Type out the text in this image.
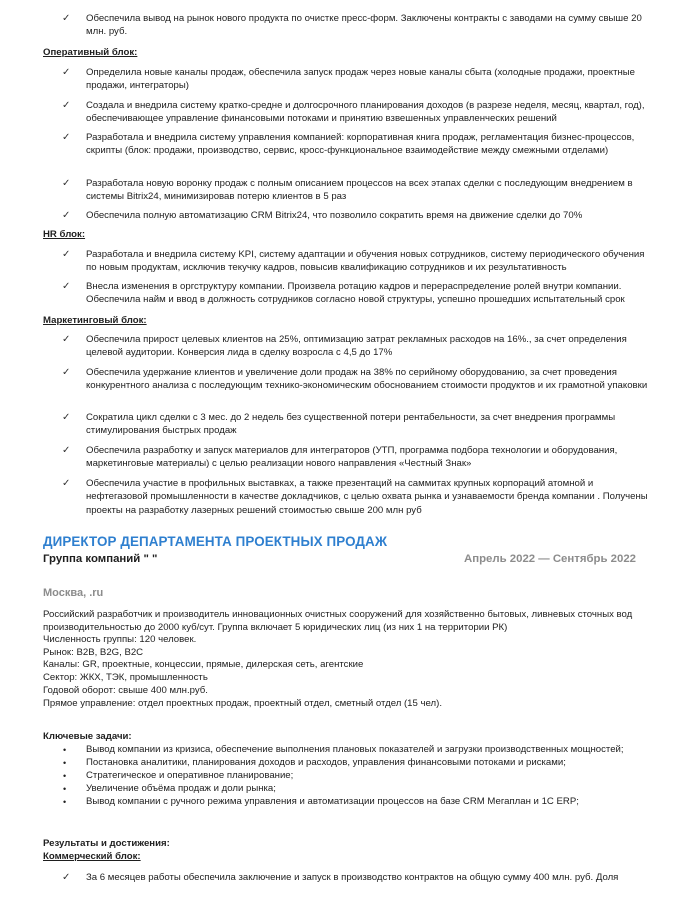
✓ Обеспечила вывод на рынок нового продукта по очистке пресс-форм. Заключены контракты с заводами на сумму свыше 20 млн. руб.

Оперативный блок:

✓ Определила новые каналы продаж, обеспечила запуск продаж через новые каналы сбыта (холодные продажи, проектные продажи, интеграторы)

✓ Создала и внедрила систему кратко-средне и долгосрочного планирования доходов (в разрезе неделя, месяц, квартал, год), обеспечивающее управление финансовыми потоками и принятию взвешенных управленческих решений

✓ Разработала и внедрила систему управления компанией: корпоративная книга продаж, регламентация бизнес-процессов, скрипты (блок: продажи, производство, сервис, кросс-функциональное взаимодействие между смежными отделами)

✓ Разработала новую воронку продаж с полным описанием процессов на всех этапах сделки с последующим внедрением в системы Bitrix24, минимизировав потерю клиентов в 5 раз

✓ Обеспечила полную автоматизацию CRM Bitrix24, что позволило сократить время на движение сделки до 70%

HR блок:

✓ Разработала и внедрила систему KPI, систему адаптации и обучения новых сотрудников, систему периодического обучения по новым продуктам, исключив текучку кадров, повысив квалификацию сотрудников и их результативность

✓ Внесла изменения в оргструктуру компании. Произвела ротацию кадров и перераспределение ролей внутри компании. Обеспечила найм и ввод в должность сотрудников согласно новой структуры, успешно прошедших испытательный срок

Маркетинговый блок:

✓ Обеспечила прирост целевых клиентов на 25%, оптимизацию затрат рекламных расходов на 16%., за счет определения целевой аудитории. Конверсия лида в сделку возросла с 4,5 до 17%

✓ Обеспечила удержание клиентов и увеличение доли продаж на 38% по серийному оборудованию, за счет проведения конкурентного анализа с последующим технико-экономическим обоснованием стоимости продуктов и их грамотной упаковки

✓ Сократила цикл сделки с 3 мес. до 2 недель без существенной потери рентабельности, за счет внедрения программы стимулирования быстрых продаж

✓ Обеспечила разработку и запуск материалов для интеграторов (УТП, программа подбора технологии и оборудования, маркетинговые материалы) с целью реализации нового направления «Честный Знак»

✓ Обеспечила участие в профильных выставках, а также презентаций на саммитах крупных корпораций атомной и нефтегазовой промышленности в качестве докладчиков, с целью охвата рынка и узнаваемости бренда компании . Получены проекты на разработку лазерных решений стоимостью свыше 200 млн руб

ДИРЕКТОР ДЕПАРТАМЕНТА ПРОЕКТНЫХ ПРОДАЖ

Группа компаний " "	Апрель 2022 — Сентябрь 2022

Москва, .ru

Российский разработчик и производитель инновационных очистных сооружений для хозяйственно бытовых, ливневых сточных вод производительностью до 2000 куб/сут. Группа включает 5 юридических лиц (из них 1 на территории РК)

Численность группы: 120 человек.

Рынок: B2B, B2G, B2C

Каналы: GR, проектные, концессии, прямые, дилерская сеть, агентские

Сектор: ЖКХ, ТЭК, промышленность

Годовой оборот: свыше 400 млн.руб.

Прямое управление: отдел проектных продаж, проектный отдел, сметный отдел (15 чел).

Ключевые задачи:

• Вывод компании из кризиса, обеспечение выполнения плановых показателей и загрузки производственных мощностей;

• Постановка аналитики, планирования доходов и расходов, управления финансовыми потоками и рисками;

• Стратегическое и оперативное планирование;

• Увеличение объёма продаж и доли рынка;

• Вывод компании с ручного режима управления и автоматизации процессов на базе CRM Мегаплан и 1С ERP;

Результаты и достижения:

Коммерческий блок:

✓ За 6 месяцев работы обеспечила заключение и запуск в производство контрактов на общую сумму 400 млн. руб. Доля
